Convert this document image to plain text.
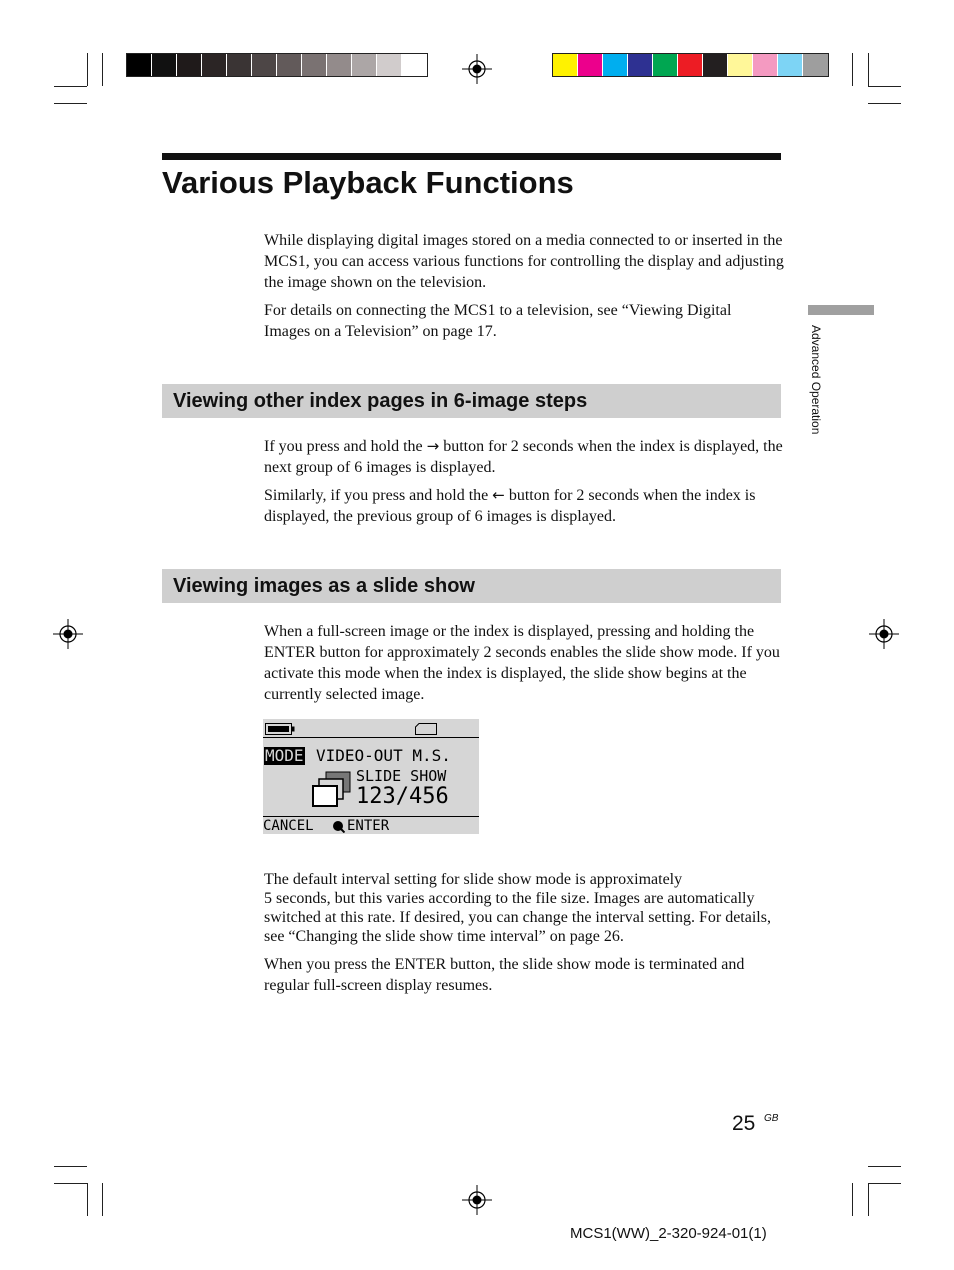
Various Playback Functions
Advanced Operation

While displaying digital images stored on a media connected to or inserted in the MCS1, you can access various functions for controlling the display and adjusting the image shown on the television.

For details on connecting the MCS1 to a television, see “Viewing Digital Images on a Television” on page 17.

Viewing other index pages in 6-image steps

If you press and hold the → button for 2 seconds when the index is displayed, the next group of 6 images is displayed.

Similarly, if you press and hold the ← button for 2 seconds when the index is displayed, the previous group of 6 images is displayed.

Viewing images as a slide show

When a full-screen image or the index is displayed, pressing and holding the ENTER button for approximately 2 seconds enables the slide show mode. If you activate this mode when the index is displayed, the slide show begins at the currently selected image.

MODE VIDEO-OUT M.S.
SLIDE SHOW
123/456
CANCEL ENTER

The default interval setting for slide show mode is approximately
5 seconds, but this varies according to the file size. Images are automatically switched at this rate. If desired, you can change the interval setting. For details, see “Changing the slide show time interval” on page 26.

When you press the ENTER button, the slide show mode is terminated and regular full-screen display resumes.

25 GB
MCS1(WW)_2-320-924-01(1)
